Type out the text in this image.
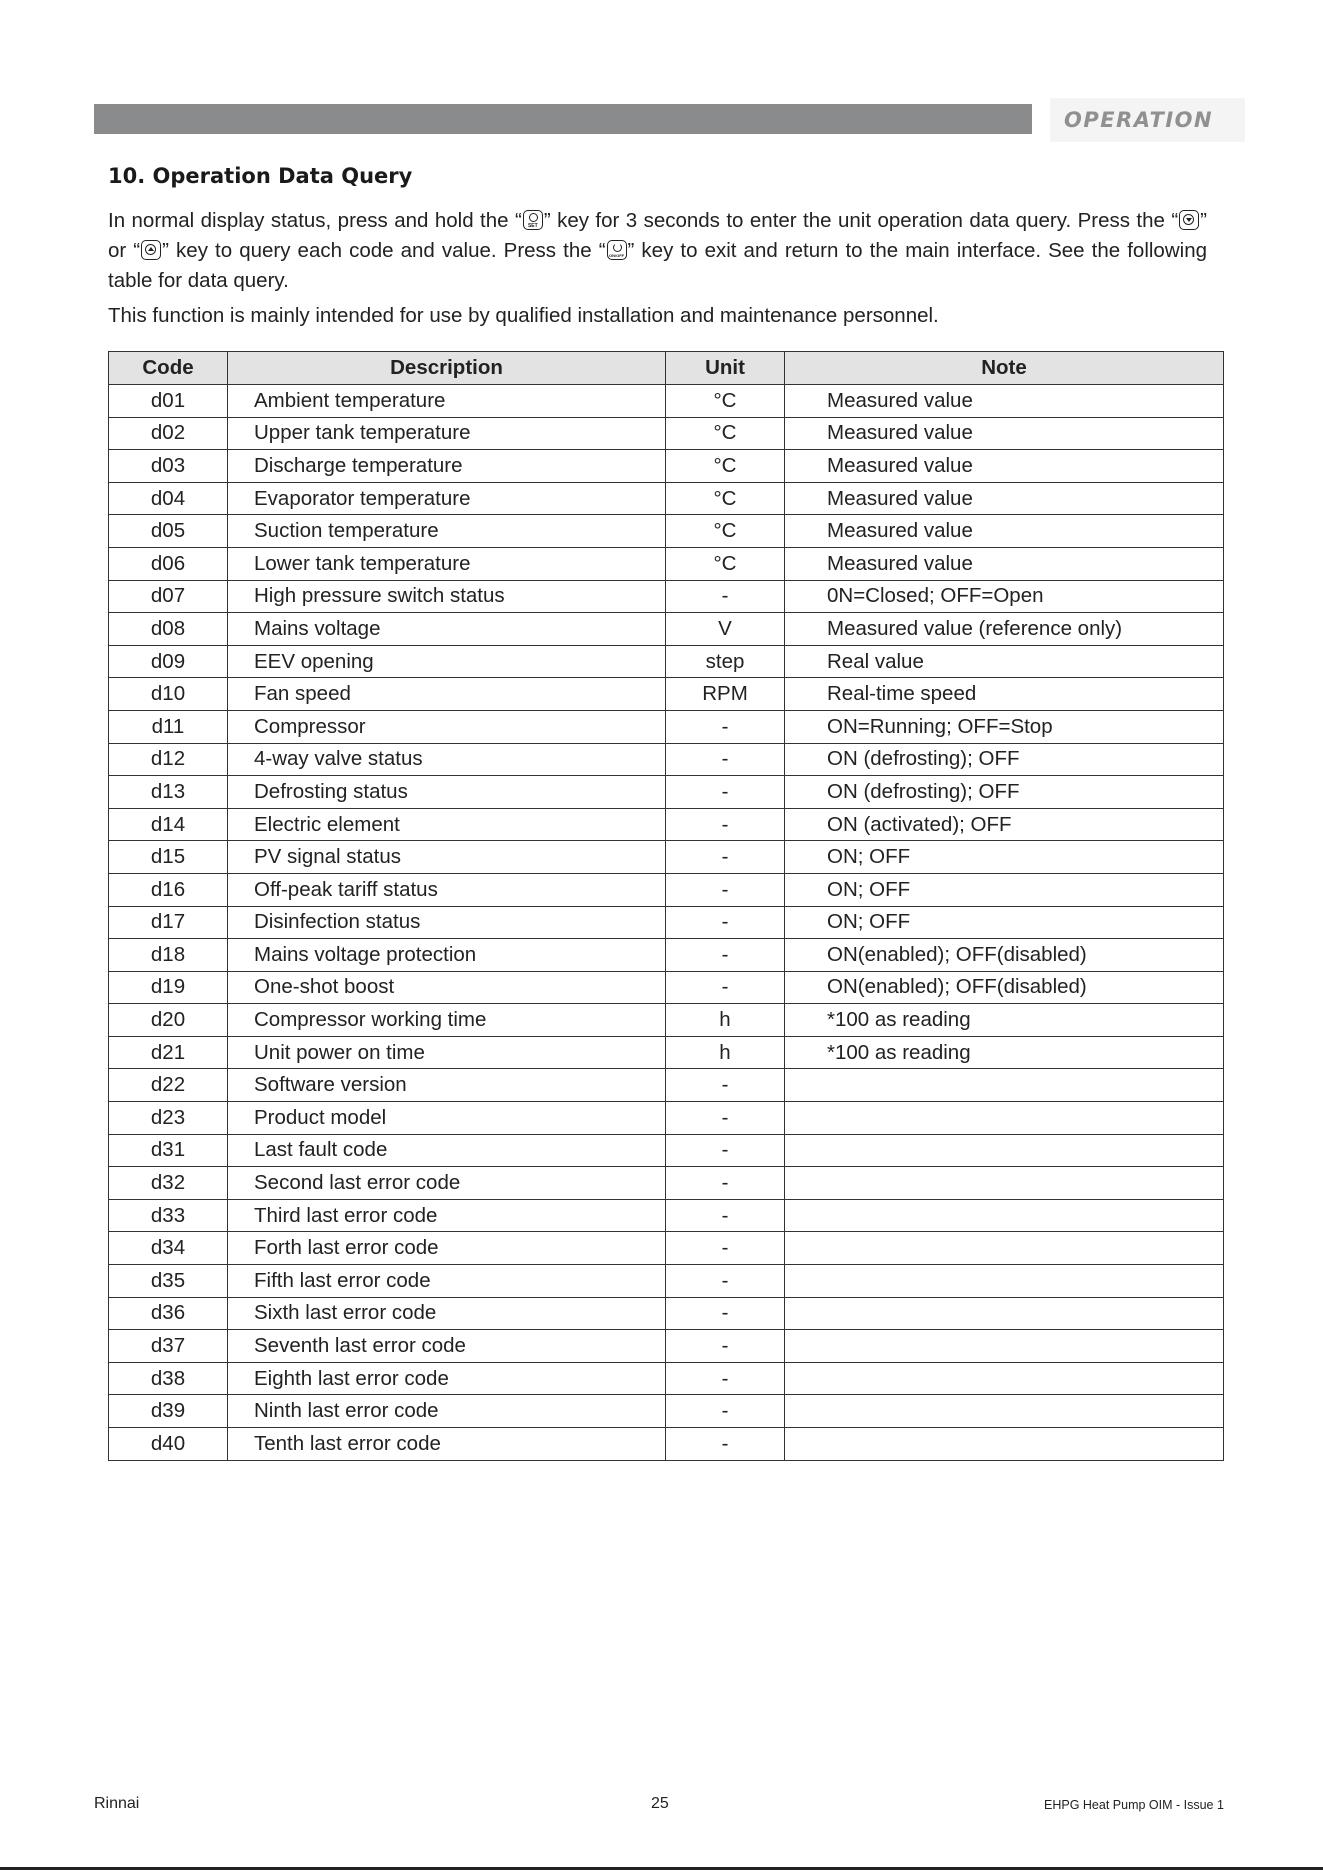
OPERATION
10. Operation Data Query

In normal display status, press and hold the “ SET ” key for 3 seconds to enter the unit operation data query. Press the “ ” or “ ” key to query each code and value. Press the “ ON/OFF ” key to exit and return to the main interface. See the following table for data query.

This function is mainly intended for use by qualified installation and maintenance personnel.
Code	Description	Unit	Note
d01	Ambient temperature	°C	Measured value
d02	Upper tank temperature	°C	Measured value
d03	Discharge temperature	°C	Measured value
d04	Evaporator temperature	°C	Measured value
d05	Suction temperature	°C	Measured value
d06	Lower tank temperature	°C	Measured value
d07	High pressure switch status	-	0N=Closed; OFF=Open
d08	Mains voltage	V	Measured value (reference only)
d09	EEV opening	step	Real value
d10	Fan speed	RPM	Real-time speed
d11	Compressor	-	ON=Running; OFF=Stop
d12	4-way valve status	-	ON (defrosting); OFF
d13	Defrosting status	-	ON (defrosting); OFF
d14	Electric element	-	ON (activated); OFF
d15	PV signal status	-	ON; OFF
d16	Off-peak tariff status	-	ON; OFF
d17	Disinfection status	-	ON; OFF
d18	Mains voltage protection	-	ON(enabled); OFF(disabled)
d19	One-shot boost	-	ON(enabled); OFF(disabled)
d20	Compressor working time	h	*100 as reading
d21	Unit power on time	h	*100 as reading
d22	Software version	-	
d23	Product model	-	
d31	Last fault code	-	
d32	Second last error code	-	
d33	Third last error code	-	
d34	Forth last error code	-	
d35	Fifth last error code	-	
d36	Sixth last error code	-	
d37	Seventh last error code	-	
d38	Eighth last error code	-	
d39	Ninth last error code	-	
d40	Tenth last error code	-	
Rinnai	25	EHPG Heat Pump OIM - Issue 1
